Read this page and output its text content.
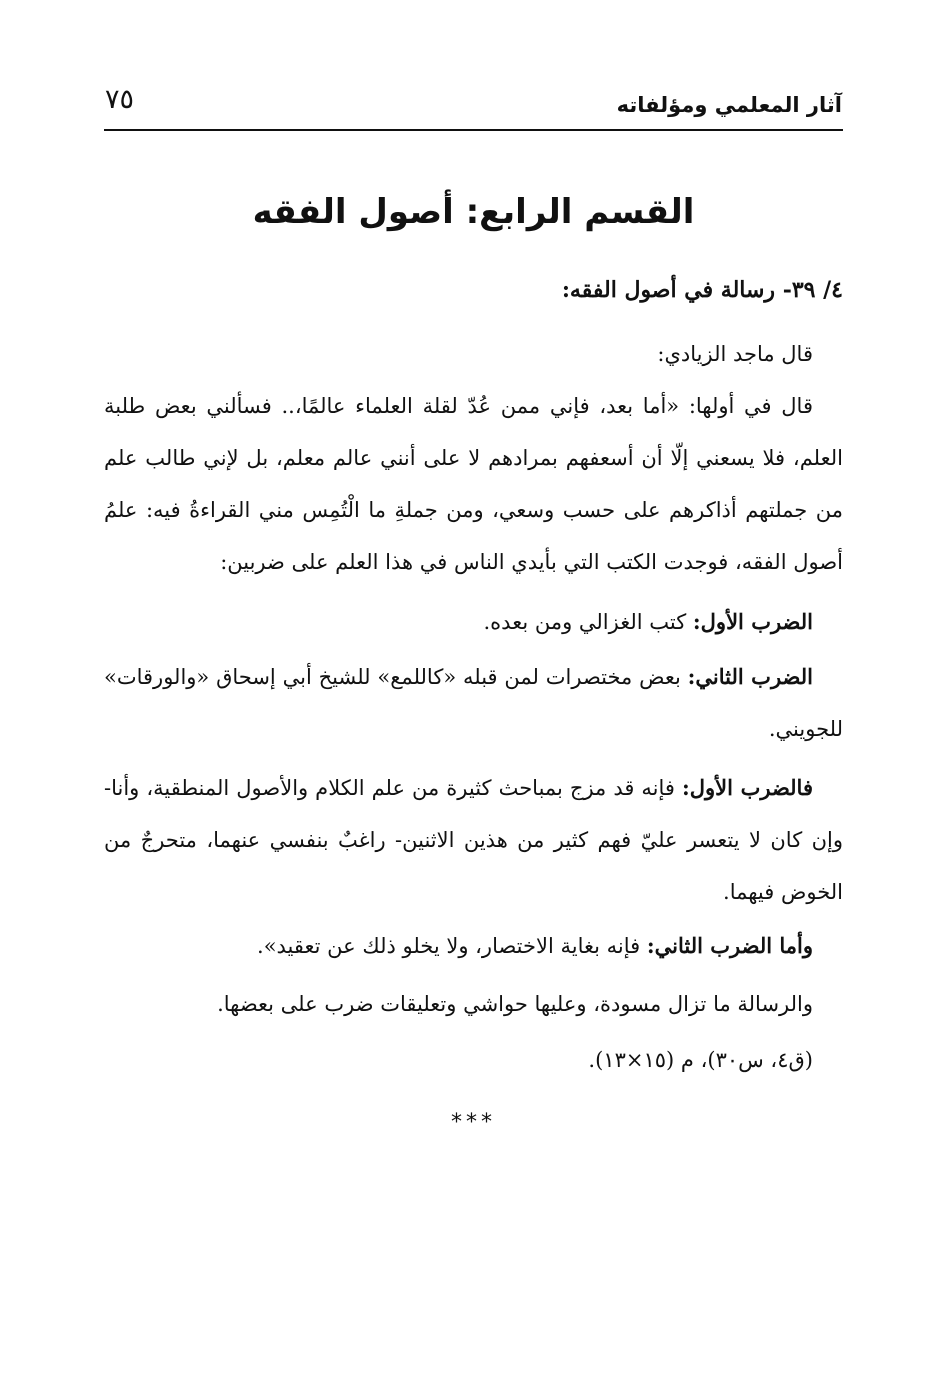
آثار المعلمي ومؤلفاته
٧٥
القسم الرابع: أصول الفقه
٤/ ٣٩- رسالة في أصول الفقه:
قال ماجد الزيادي:
قال في أولها: «أما بعد، فإني ممن عُدّ لقلة العلماء عالمًا،.. فسألني بعض طلبة العلم، فلا يسعني إلّا أن أسعفهم بمرادهم لا على أنني عالم معلم، بل لإني طالب علم من جملتهم أذاكرهم على حسب وسعي، ومن جملةِ ما الْتُمِس مني القراءةُ فيه: علمُ أصول الفقه، فوجدت الكتب التي بأيدي الناس في هذا العلم على ضربين:
الضرب الأول: كتب الغزالي ومن بعده.
الضرب الثاني: بعض مختصرات لمن قبله «كاللمع» للشيخ أبي إسحاق «والورقات» للجويني.
فالضرب الأول: فإنه قد مزج بمباحث كثيرة من علم الكلام والأصول المنطقية، وأنا- وإن كان لا يتعسر عليّ فهم كثير من هذين الاثنين- راغبٌ بنفسي عنهما، متحرجٌ من الخوض فيهما.
وأما الضرب الثاني: فإنه بغاية الاختصار، ولا يخلو ذلك عن تعقيد».
والرسالة ما تزال مسودة، وعليها حواشي وتعليقات ضرب على بعضها.
(ق٤، س٣٠)، م (١٥×١٣).
***
